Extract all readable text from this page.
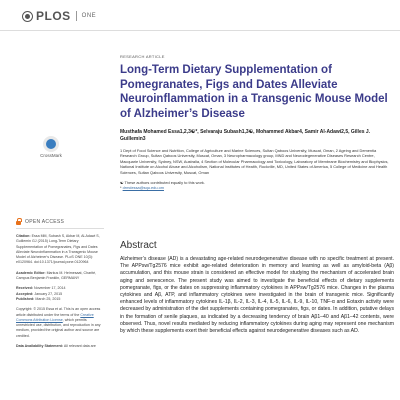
PLOS ONE
CrossMark
OPEN ACCESS

Citation: Essa MM, Subash S, Akbar M, Al-Adawi S, Guillemin GJ (2015) Long-Term Dietary Supplementation of Pomegranates, Figs and Dates Alleviate Neuroinflammation in a Transgenic Mouse Model of Alzheimer's Disease. PLoS ONE 10(3): e0120964. doi:10.1371/journal.pone.0120964

Academic Editor: Markus M. Heimesaat, Charité, Campus Benjamin Franklin, GERMANY

Received: November 17, 2014

Accepted: January 27, 2015

Published: March 25, 2015

Copyright: © 2015 Essa et al. This is an open access article distributed under the terms of the Creative Commons Attribution License, which permits unrestricted use, distribution, and reproduction in any medium, provided the original author and source are credited.

Data Availability Statement: All relevant data are

RESEARCH ARTICLE
Long-Term Dietary Supplementation of Pomegranates, Figs and Dates Alleviate Neuroinflammation in a Transgenic Mouse Model of Alzheimer’s Disease
Musthafa Mohamed Essa1,2,3☯*, Selvaraju Subash1,3☯, Mohammed Akbar4, Samir Al-Adawi2,5, Gilles J. Guillemin3
1 Dept of Food Science and Nutrition, College of Agriculture and Marine Sciences, Sultan Qaboos University, Muscat, Oman, 2 Ageing and Dementia Research Group, Sultan Qaboos University, Muscat, Oman, 3 Neuropharmacology group, MND and Neurodegenerative Diseases Research Centre, Macquarie University, Sydney, NSW, Australia, 4 Section of Molecular Pharmacology and Toxicology, Laboratory of Membrane Biochemistry and Biophysics, National Institute on Alcohol Abuse and Alcoholism, National Institutes of Health, Rockville, MD, United States of America, 5 College of Medicine and Health Sciences, Sultan Qaboos University, Muscat, Oman
☯ These authors contributed equally to this work.
* drmdessa@squ.edu.om
Abstract

Alzheimer’s disease (AD) is a devastating age-related neurodegenerative disease with no specific treatment at present. The APPsw/Tg2576 mice exhibit age-related deterioration in memory and learning as well as amyloid-beta (Aβ) accumulation, and this mouse strain is considered an effective model for studying the mechanism of accelerated brain aging and senescence. The present study was aimed to investigate the beneficial effects of dietary supplements pomegranate, figs, or the dates on suppressing inflammatory cytokines in APPsw/Tg2576 mice. Changes in the plasma cytokines and Aβ, ATP, and inflammatory cytokines were investigated in the brain of transgenic mice. Significantly enhanced levels of inflammatory cytokines IL-1β, IL-2, IL-3, IL-4, IL-5, IL-6, IL-9, IL-10, TNF-α and Eotaxin activity were decreased by administration of the diet supplements containing pomegranates, figs, or dates. In addition, putative delays in the formation of senile plaques, as indicated by a decreasing tendency of brain Aβ1–40 and Aβ1–42 contents, were observed. Thus, novel results mediated by reducing inflammatory cytokines during aging may represent one mechanism by which these supplements exert their beneficial effects against neurodegenerative diseases such as AD.
